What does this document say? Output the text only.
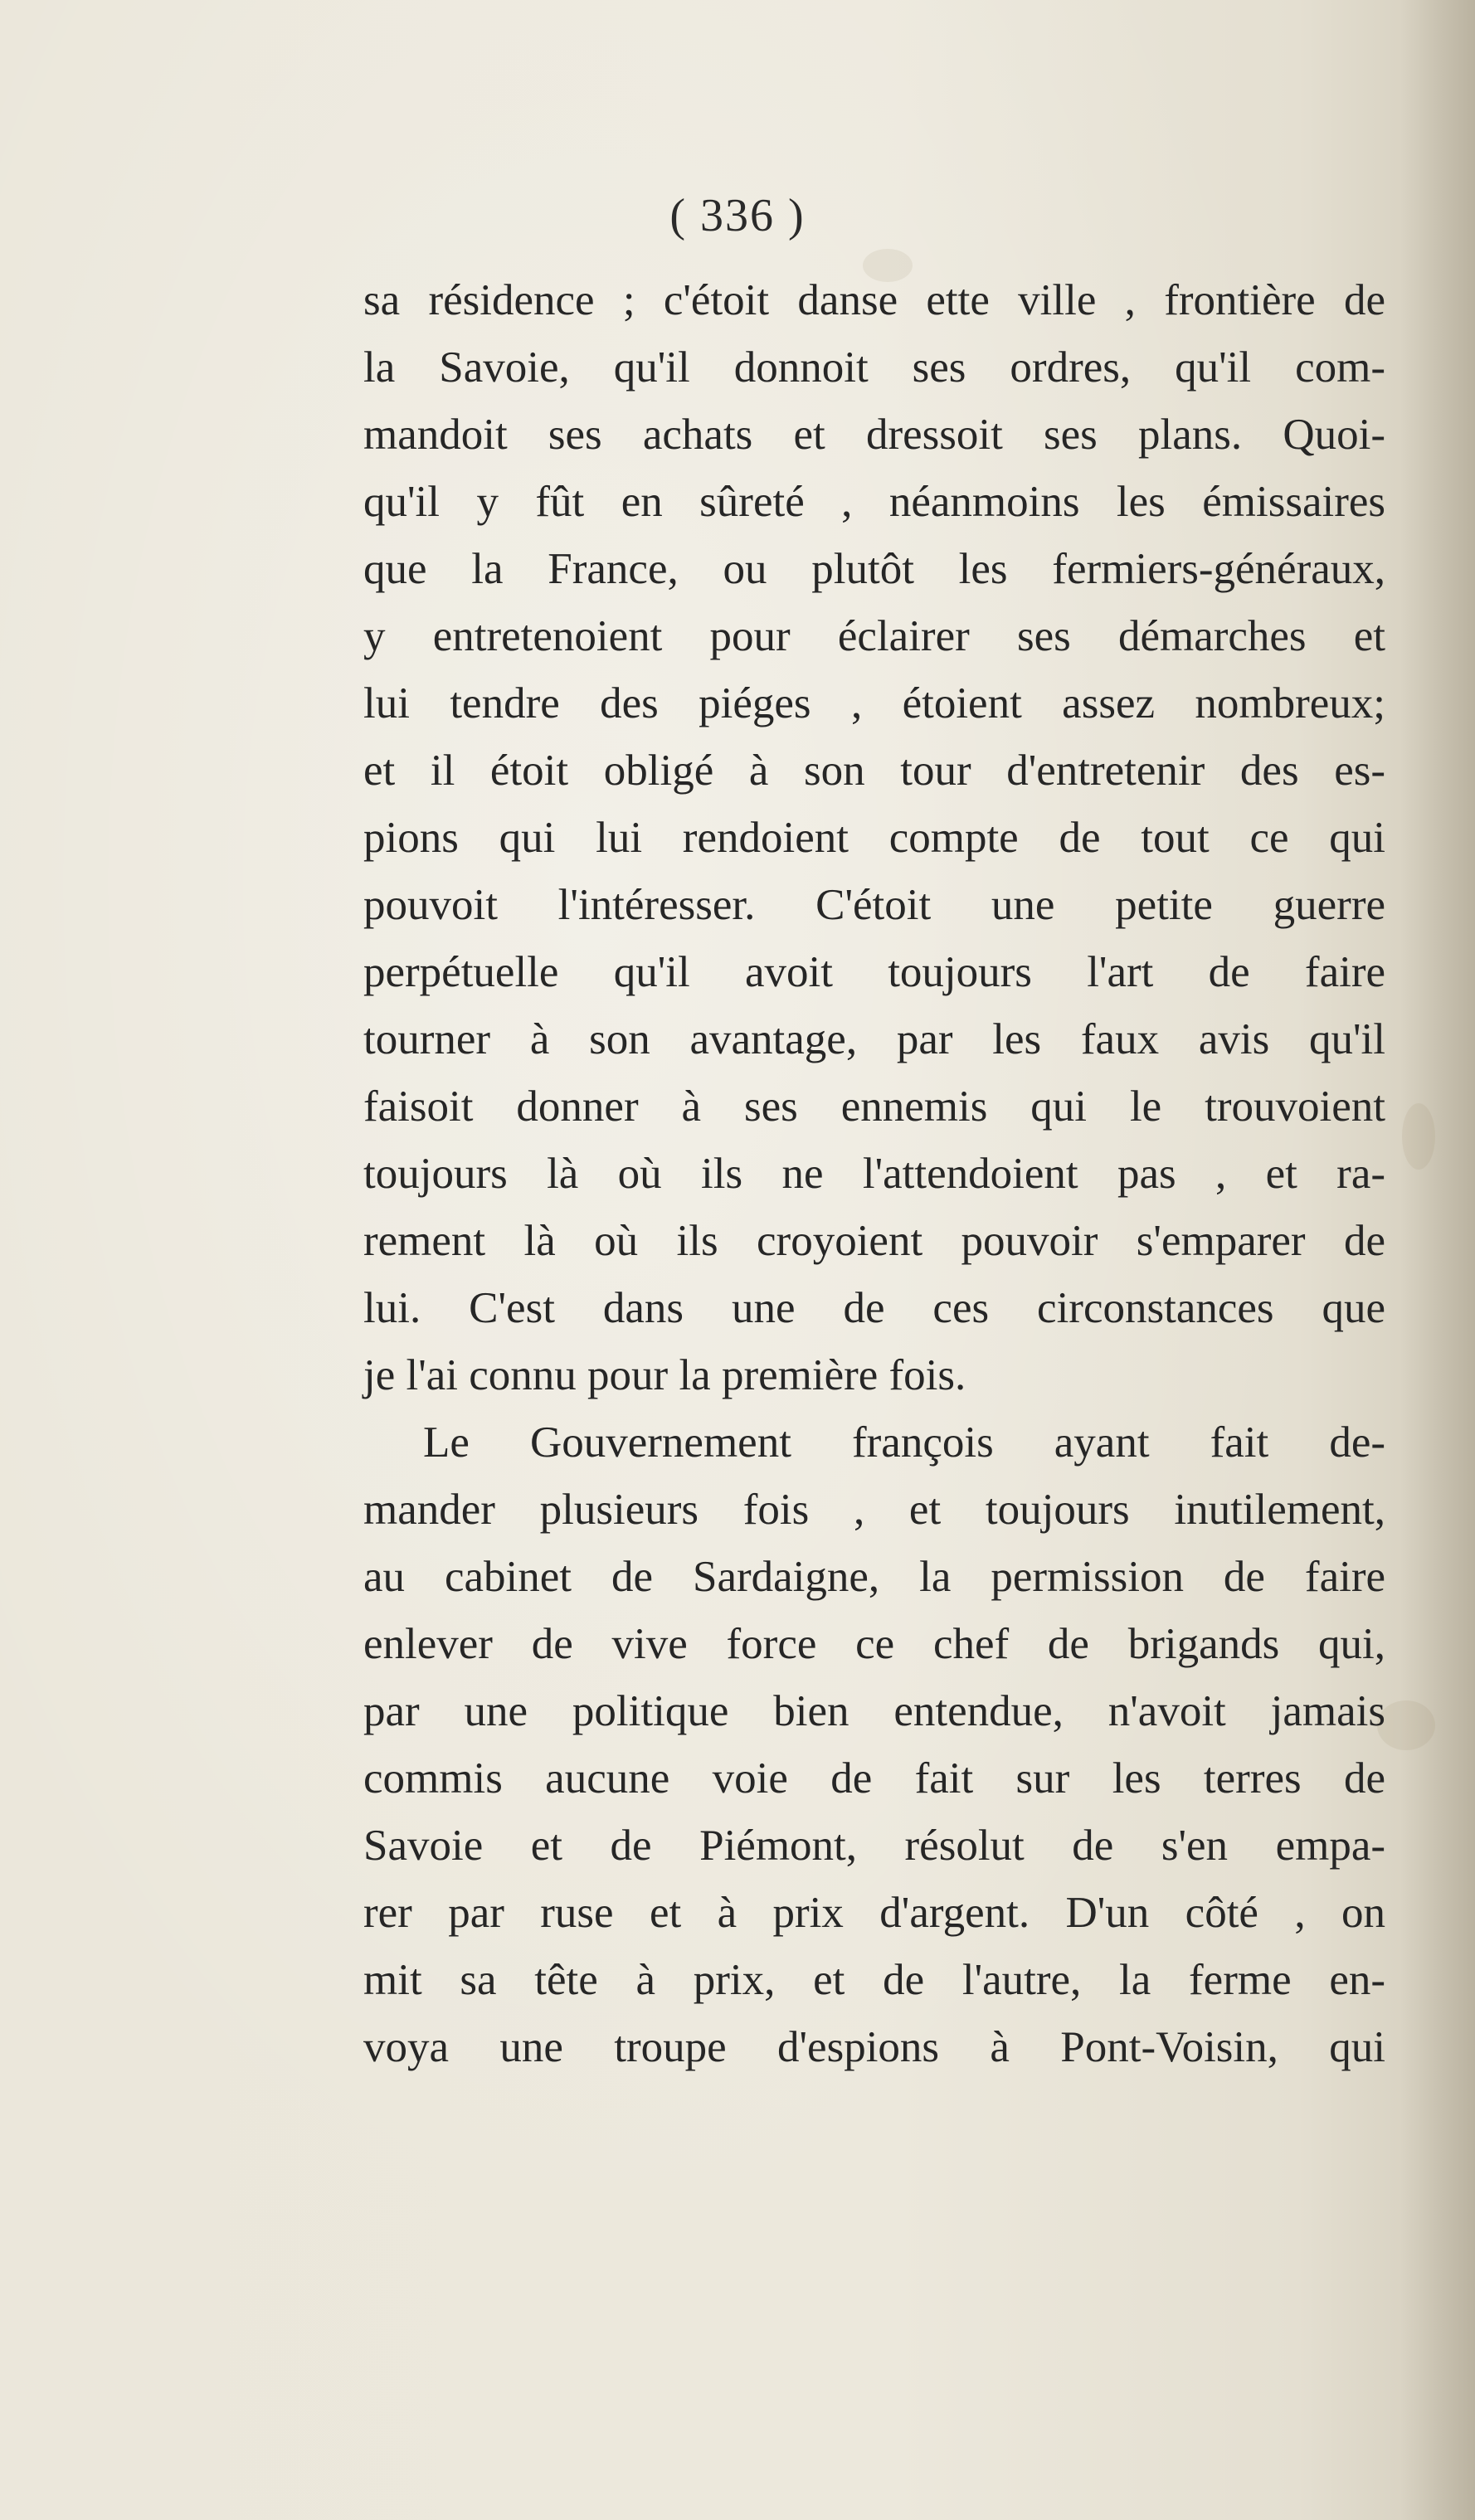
( 336 )
sa résidence ; c'étoit danse ette ville , frontière de
la Savoie, qu'il donnoit ses ordres, qu'il com-
mandoit ses achats et dressoit ses plans. Quoi-
qu'il y fût en sûreté , néanmoins les émissaires
que la France, ou plutôt les fermiers-généraux,
y entretenoient pour éclairer ses démarches et
lui tendre des piéges , étoient assez nombreux;
et il étoit obligé à son tour d'entretenir des es-
pions qui lui rendoient compte de tout ce qui
pouvoit l'intéresser. C'étoit une petite guerre
perpétuelle qu'il avoit toujours l'art de faire
tourner à son avantage, par les faux avis qu'il
faisoit donner à ses ennemis qui le trouvoient
toujours là où ils ne l'attendoient pas , et ra-
rement là où ils croyoient pouvoir s'emparer de
lui. C'est dans une de ces circonstances que
je l'ai connu pour la première fois.
Le Gouvernement françois ayant fait de-
mander plusieurs fois , et toujours inutilement,
au cabinet de Sardaigne, la permission de faire
enlever de vive force ce chef de brigands qui,
par une politique bien entendue, n'avoit jamais
commis aucune voie de fait sur les terres de
Savoie et de Piémont, résolut de s'en empa-
rer par ruse et à prix d'argent. D'un côté , on
mit sa tête à prix, et de l'autre, la ferme en-
voya une troupe d'espions à Pont-Voisin, qui
